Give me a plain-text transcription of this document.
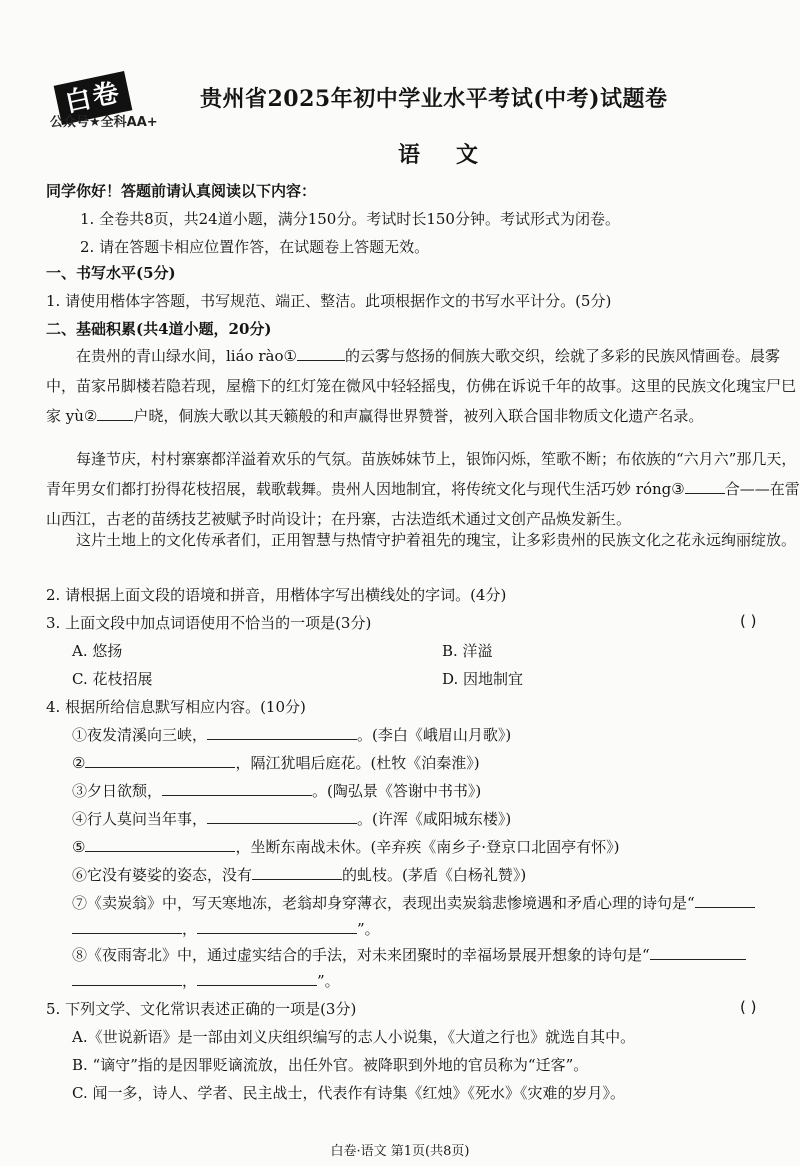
白卷
公众号★全科AA+
贵州省2025年初中学业水平考试(中考)试题卷
语文
同学你好！答题前请认真阅读以下内容：
1. 全卷共8页，共24道小题，满分150分。考试时长150分钟。考试形式为闭卷。
2. 请在答题卡相应位置作答，在试题卷上答题无效。
一、书写水平(5分)
1. 请使用楷体字答题，书写规范、端正、整洁。此项根据作文的书写水平计分。(5分)
二、基础积累(共4道小题，20分)
在贵州的青山绿水间，liáo rào①	的云雾与悠扬的侗族大歌交织，绘就了多彩的民族风情画卷。晨雾中，苗家吊脚楼若隐若现，屋檐下的红灯笼在微风中轻轻摇曳，仿佛在诉说千年的故事。这里的民族文化瑰宝尸巳家 yù② 户晓，侗族大歌以其天籁般的和声赢得世界赞誉，被列入联合国非物质文化遗产名录。
每逢节庆，村村寨寨都洋溢着欢乐的气氛。苗族姊妹节上，银饰闪烁，笙歌不断；布依族的“六月六”那几天，青年男女们都打扮得花枝招展，载歌载舞。贵州人因地制宜，将传统文化与现代生活巧妙 róng③	合——在雷山西江，古老的苗绣技艺被赋予时尚设计；在丹寨，古法造纸术通过文创产品焕发新生。
这片土地上的文化传承者们，正用智慧与热情守护着祖先的瑰宝，让多彩贵州的民族文化之花永远绚丽绽放。
2. 请根据上面文段的语境和拼音，用楷体字写出横线处的字词。(4分)
3. 上面文段中加点词语使用不恰当的一项是(3分)	( )
A. 悠扬	B. 洋溢
C. 花枝招展	D. 因地制宜
4. 根据所给信息默写相应内容。(10分)
①夜发清溪向三峡，	。(李白《峨眉山月歌》)
②	，隔江犹唱后庭花。(杜牧《泊秦淮》)
③夕日欲颓，	。(陶弘景《答谢中书书》)
④行人莫问当年事，	。(许浑《咸阳城东楼》)
⑤	，坐断东南战未休。(辛弃疾《南乡子·登京口北固亭有怀》)
⑥它没有婆娑的姿态，没有	的虬枝。(茅盾《白杨礼赞》)
⑦《卖炭翁》中，写天寒地冻，老翁却身穿薄衣，表现出卖炭翁悲惨境遇和矛盾心理的诗句是“
，	”。
⑧《夜雨寄北》中，通过虚实结合的手法，对未来团聚时的幸福场景展开想象的诗句是“
，	”。
5. 下列文学、文化常识表述正确的一项是(3分)	( )
A.《世说新语》是一部由刘义庆组织编写的志人小说集，《大道之行也》就选自其中。
B. “谪守”指的是因罪贬谪流放，出任外官。被降职到外地的官员称为“迁客”。
C. 闻一多，诗人、学者、民主战士，代表作有诗集《红烛》《死水》《灾难的岁月》。
白卷·语文 第1页(共8页)
